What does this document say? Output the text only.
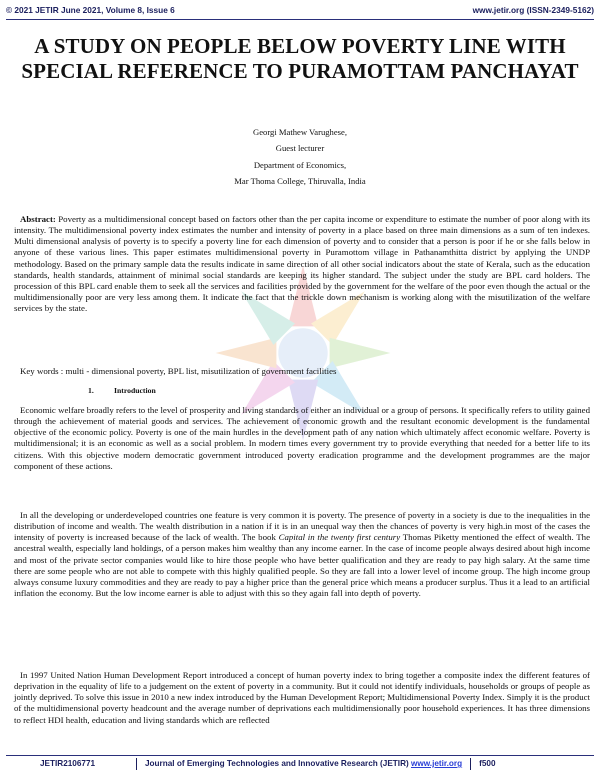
© 2021 JETIR June 2021, Volume 8, Issue 6	www.jetir.org (ISSN-2349-5162)
A STUDY ON PEOPLE BELOW POVERTY LINE WITH SPECIAL REFERENCE TO PURAMOTTAM PANCHAYAT
Georgi Mathew Varughese,
Guest lecturer
Department of Economics,
Mar Thoma College, Thiruvalla, India

Abstract: Poverty as a multidimensional concept based on factors other than the per capita income or expenditure to estimate the number of poor along with its intensity. The multidimensional poverty index estimates the number and intensity of poverty in a place based on three main dimensions as a sum of ten indexes. Multi dimensional analysis of poverty is to specify a poverty line for each dimension of poverty and to consider that a person is poor if he or she falls below in anyone of these various lines. This paper estimates multidimensional poverty in Puramottom village in Pathanamthitta district by applying the UNDP methodology. Based on the primary sample data the results indicate in same direction of all other social indicators about the state of Kerala, such as the education standards, health standards, attainment of minimal social standards are keeping its higher standard. The subject under the study are BPL card holders. The procession of this BPL card enable them to seek all the services and facilities provided by the government for the welfare of the poor even though the actual or the multidimensionally poor are very less among them. It indicate the fact that the trickle down mechanism is working along with the misutilization of the welfare services by the state.

Key words : multi - dimensional poverty, BPL list, misutilization of government facilities
1.	Introduction

Economic welfare broadly refers to the level of prosperity and living standards of either an individual or a group of persons. It specifically refers to utility gained through the achievement of material goods and services. The achievement of economic growth and the resultant economic development is the fundamental objective of the economic policy. Poverty is one of the main hurdles in the development path of any nation which ultimately affect economic welfare. Poverty is multidimensional; it is an economic as well as a social problem. In modern times every government try to provide everything that needed for a better life to its citizens. With this objective modern democratic government introduced poverty eradication programme and the development programmes are the major component of these actions.

In all the developing or underdeveloped countries one feature is very common it is poverty. The presence of poverty in a society is due to the inequalities in the distribution of income and wealth. The wealth distribution in a nation if it is in an unequal way then the chances of poverty is very high.in most of the cases the intensity of poverty is increased because of the lack of wealth. The book Capital in the twenty first century Thomas Piketty mentioned the effect of wealth. The ancestral wealth, especially land holdings, of a person makes him wealthy than any income earner. In the case of income people always desired about high income and most of the private sector companies would like to hire those people who have better qualification and they are ready to pay high salary. At the same time there are some people who are not able to compete with this highly qualified people. So they are fall into a lower level of income group. The high income group always consume luxury commodities and they are ready to pay a higher price than the general price which means a producer surplus. Thus it a lead to an artificial inflation the economy. But the low income earner is able to adjust with this so they again fall into depth of poverty.

In 1997 United Nation Human Development Report introduced a concept of human poverty index to bring together a composite index the different features of deprivation in the equality of life to a judgement on the extent of poverty in a community. But it could not identify individuals, households or groups of people as jointly deprived. To solve this issue in 2010 a new index introduced by the Human Development Report; Multidimensional Poverty Index. Simply it is the product of the multidimensional poverty headcount and the average number of deprivations each multidimensionally poor household experiences. It has three dimensions to reflect HDI health, education and living standards which are reflected

JETIR2106771	Journal of Emerging Technologies and Innovative Research (JETIR) www.jetir.org	f500
